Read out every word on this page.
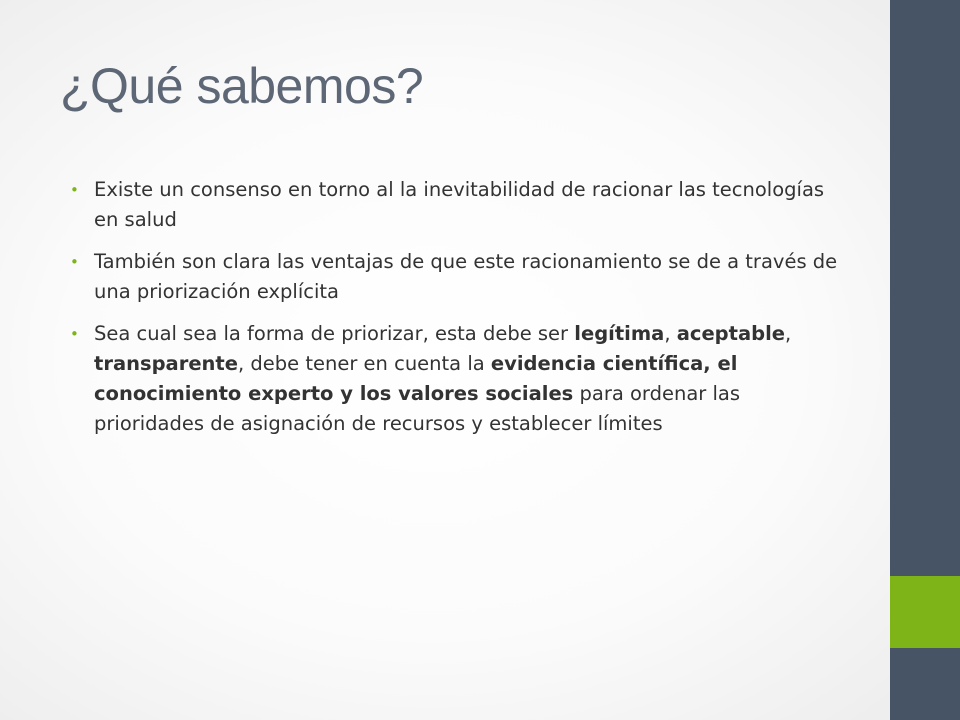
¿Qué sabemos?
• Existe un consenso en torno al la inevitabilidad de racionar las tecnologías en salud
• También son clara las ventajas de que este racionamiento se de a través de una priorización explícita
• Sea cual sea la forma de priorizar, esta debe ser legítima, aceptable, transparente, debe tener en cuenta la evidencia científica, el conocimiento experto y los valores sociales para ordenar las prioridades de asignación de recursos y establecer límites
